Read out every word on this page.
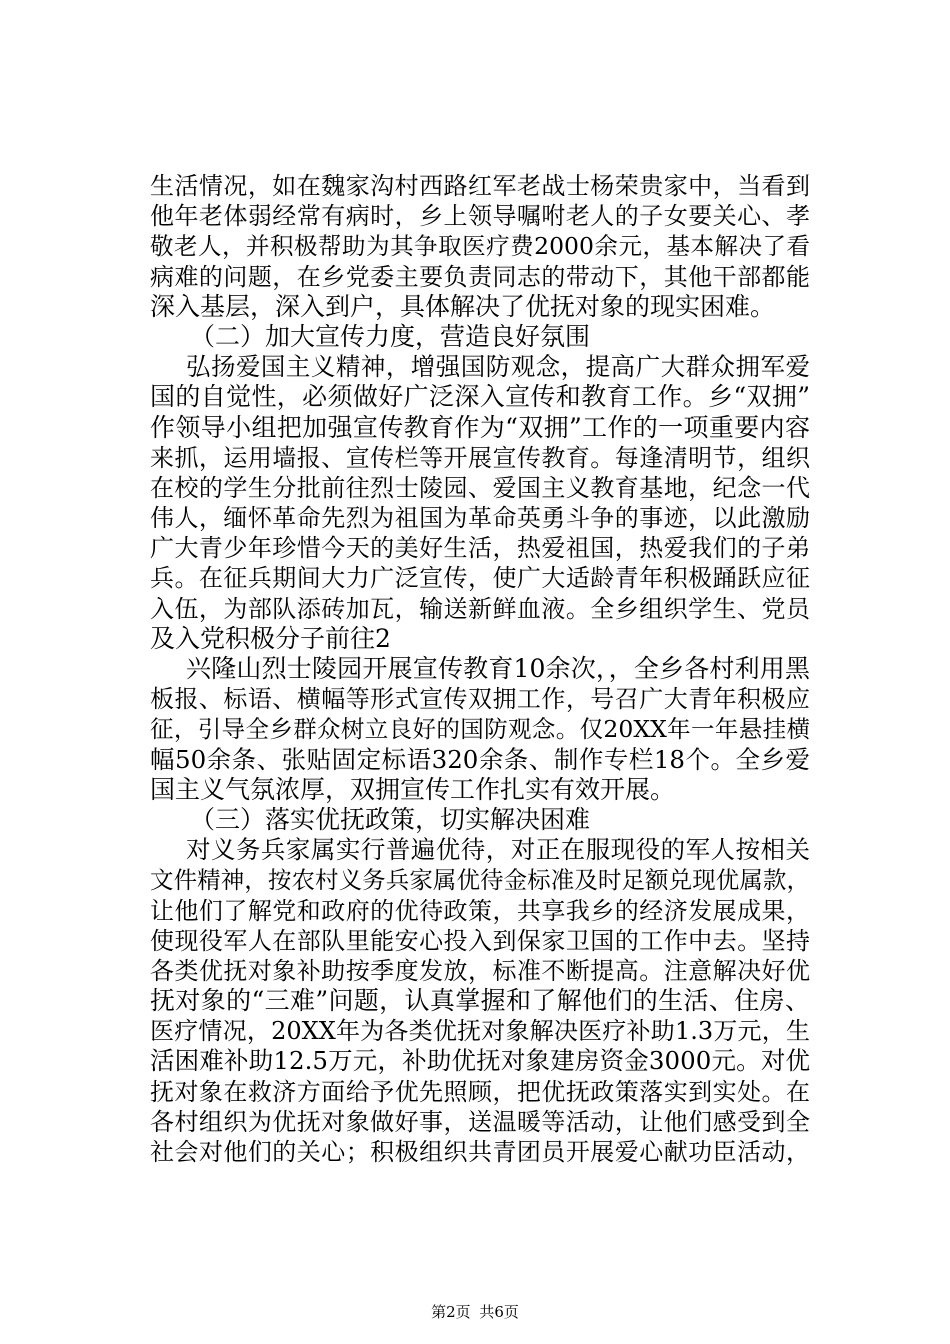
生活情况，如在魏家沟村西路红军老战士杨荣贵家中，当看到
他年老体弱经常有病时，乡上领导嘱咐老人的子女要关心、孝
敬老人，并积极帮助为其争取医疗费2000余元，基本解决了看
病难的问题，在乡党委主要负责同志的带动下，其他干部都能
深入基层，深入到户，具体解决了优抚对象的现实困难。
（二）加大宣传力度，营造良好氛围
弘扬爱国主义精神，增强国防观念，提高广大群众拥军爱
国的自觉性，必须做好广泛深入宣传和教育工作。乡“双拥”
作领导小组把加强宣传教育作为“双拥”工作的一项重要内容
来抓，运用墙报、宣传栏等开展宣传教育。每逢清明节，组织
在校的学生分批前往烈士陵园、爱国主义教育基地，纪念一代
伟人，缅怀革命先烈为祖国为革命英勇斗争的事迹，以此激励
广大青少年珍惜今天的美好生活，热爱祖国，热爱我们的子弟
兵。在征兵期间大力广泛宣传，使广大适龄青年积极踊跃应征
入伍，为部队添砖加瓦，输送新鲜血液。全乡组织学生、党员
及入党积极分子前往2
兴隆山烈士陵园开展宣传教育10余次，，全乡各村利用黑
板报、标语、横幅等形式宣传双拥工作，号召广大青年积极应
征，引导全乡群众树立良好的国防观念。仅20XX年一年悬挂横
幅50余条、张贴固定标语320余条、制作专栏18个。全乡爱
国主义气氛浓厚，双拥宣传工作扎实有效开展。
（三）落实优抚政策，切实解决困难
对义务兵家属实行普遍优待，对正在服现役的军人按相关
文件精神，按农村义务兵家属优待金标准及时足额兑现优属款，
让他们了解党和政府的优待政策，共享我乡的经济发展成果，
使现役军人在部队里能安心投入到保家卫国的工作中去。坚持
各类优抚对象补助按季度发放，标准不断提高。注意解决好优
抚对象的“三难”问题，认真掌握和了解他们的生活、住房、
医疗情况，20XX年为各类优抚对象解决医疗补助1.3万元，生
活困难补助12.5万元，补助优抚对象建房资金3000元。对优
抚对象在救济方面给予优先照顾，把优抚政策落实到实处。在
各村组织为优抚对象做好事，送温暖等活动，让他们感受到全
社会对他们的关心；积极组织共青团员开展爱心献功臣活动，
第2页 共6页
